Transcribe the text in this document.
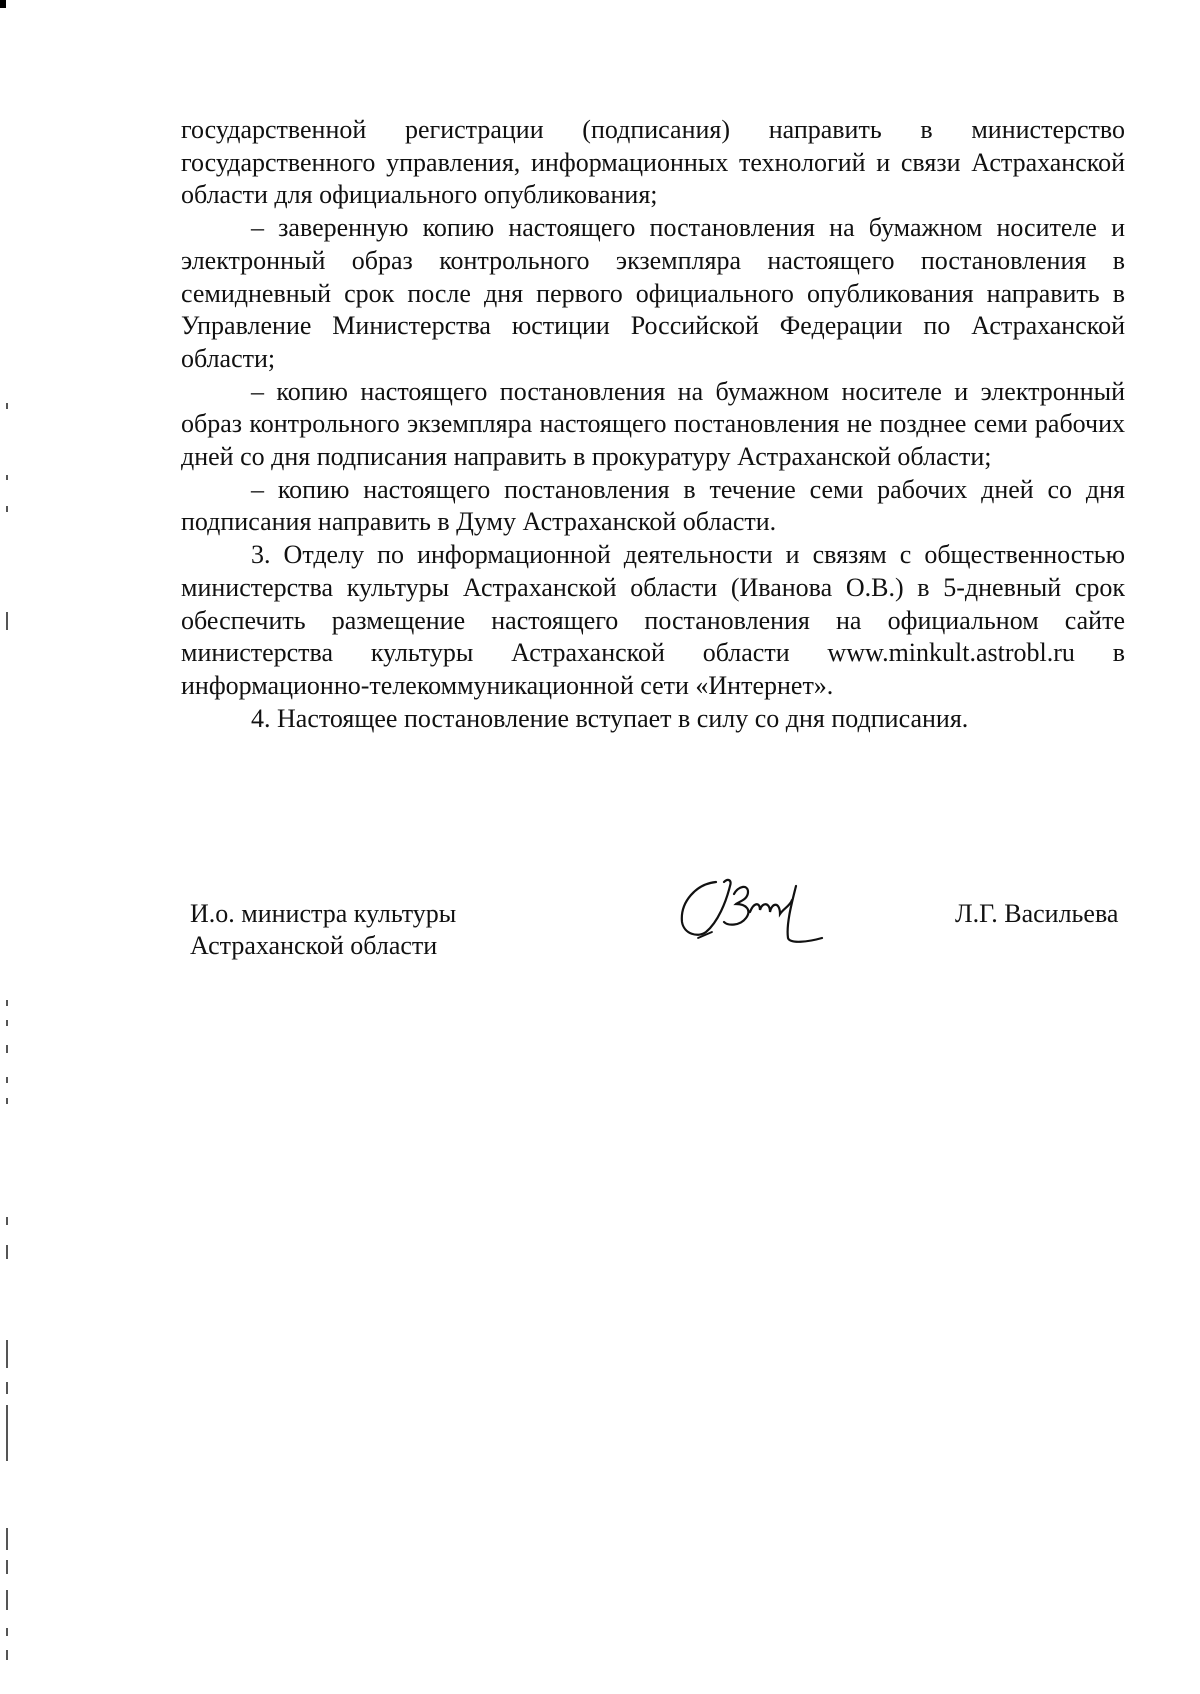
государственной регистрации (подписания) направить в министерство государственного управления, информационных технологий и связи Астраханской области для официального опубликования;

– заверенную копию настоящего постановления на бумажном носителе и электронный образ контрольного экземпляра настоящего постановления в семидневный срок после дня первого официального опубликования направить в Управление Министерства юстиции Российской Федерации по Астраханской области;

– копию настоящего постановления на бумажном носителе и электронный образ контрольного экземпляра настоящего постановления не позднее семи рабочих дней со дня подписания направить в прокуратуру Астраханской области;

– копию настоящего постановления в течение семи рабочих дней со дня подписания направить в Думу Астраханской области.

3. Отделу по информационной деятельности и связям с общественностью министерства культуры Астраханской области (Иванова О.В.) в 5-дневный срок обеспечить размещение настоящего постановления на официальном сайте министерства культуры Астраханской области www.minkult.astrobl.ru в информационно-телекоммуникационной сети «Интернет».

4. Настоящее постановление вступает в силу со дня подписания.

И.о. министра культуры
Астраханской области
Л.Г. Васильева
